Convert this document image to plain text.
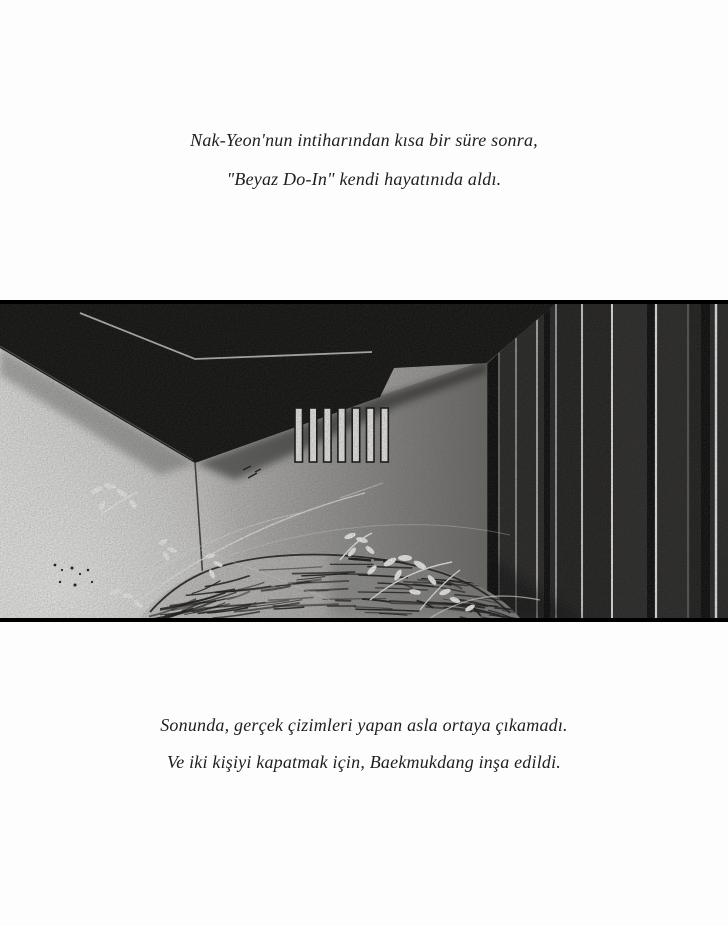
Nak-Yeon'nun intiharından kısa bir süre sonra,
"Beyaz Do-In" kendi hayatınıda aldı.
Sonunda, gerçek çizimleri yapan asla ortaya çıkamadı.
Ve iki kişiyi kapatmak için, Baekmukdang inşa edildi.
